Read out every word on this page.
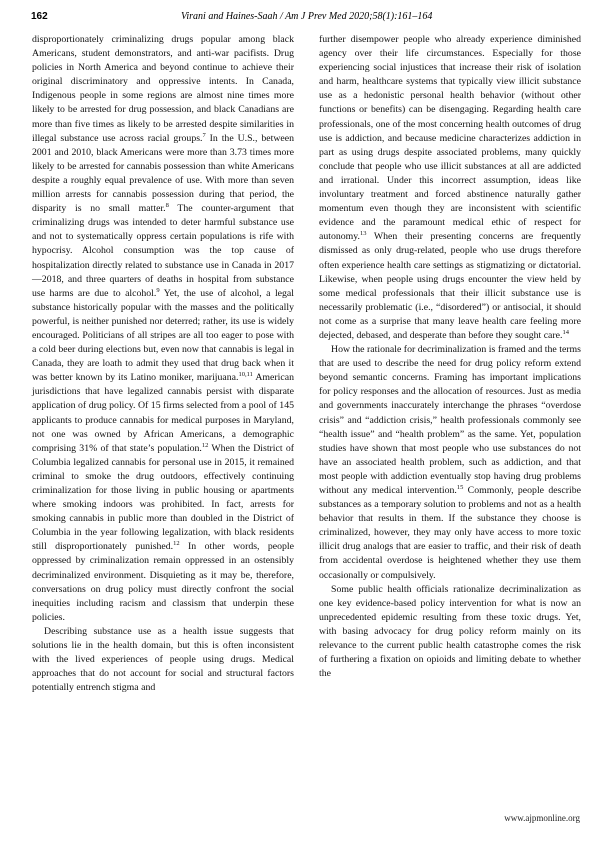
162	Virani and Haines-Saah / Am J Prev Med 2020;58(1):161–164

disproportionately criminalizing drugs popular among black Americans, student demonstrators, and anti-war pacifists. Drug policies in North America and beyond continue to achieve their original discriminatory and oppressive intents. In Canada, Indigenous people in some regions are almost nine times more likely to be arrested for drug possession, and black Canadians are more than five times as likely to be arrested despite similarities in illegal substance use across racial groups.$^7$ In the U.S., between 2001 and 2010, black Americans were more than 3.73 times more likely to be arrested for cannabis possession than white Americans despite a roughly equal prevalence of use. With more than seven million arrests for cannabis possession during that period, the disparity is no small matter.$^8$ The counter-argument that criminalizing drugs was intended to deter harmful substance use and not to systematically oppress certain populations is rife with hypocrisy. Alcohol consumption was the top cause of hospitalization directly related to substance use in Canada in 2017—2018, and three quarters of deaths in hospital from substance use harms are due to alcohol.$^9$ Yet, the use of alcohol, a legal substance historically popular with the masses and the politically powerful, is neither punished nor deterred; rather, its use is widely encouraged. Politicians of all stripes are all too eager to pose with a cold beer during elections but, even now that cannabis is legal in Canada, they are loath to admit they used that drug back when it was better known by its Latino moniker, marijuana.$^{10,11}$ American jurisdictions that have legalized cannabis persist with disparate application of drug policy. Of 15 firms selected from a pool of 145 applicants to produce cannabis for medical purposes in Maryland, not one was owned by African Americans, a demographic comprising 31% of that state’s population.$^{12}$ When the District of Columbia legalized cannabis for personal use in 2015, it remained criminal to smoke the drug outdoors, effectively continuing criminalization for those living in public housing or apartments where smoking indoors was prohibited. In fact, arrests for smoking cannabis in public more than doubled in the District of Columbia in the year following legalization, with black residents still disproportionately punished.$^{12}$ In other words, people oppressed by criminalization remain oppressed in an ostensibly decriminalized environment. Disquieting as it may be, therefore, conversations on drug policy must directly confront the social inequities including racism and classism that underpin these policies.

Describing substance use as a health issue suggests that solutions lie in the health domain, but this is often inconsistent with the lived experiences of people using drugs. Medical approaches that do not account for social and structural factors potentially entrench stigma and

further disempower people who already experience diminished agency over their life circumstances. Especially for those experiencing social injustices that increase their risk of isolation and harm, healthcare systems that typically view illicit substance use as a hedonistic personal health behavior (without other functions or benefits) can be disengaging. Regarding health care professionals, one of the most concerning health outcomes of drug use is addiction, and because medicine characterizes addiction in part as using drugs despite associated problems, many quickly conclude that people who use illicit substances at all are addicted and irrational. Under this incorrect assumption, ideas like involuntary treatment and forced abstinence naturally gather momentum even though they are inconsistent with scientific evidence and the paramount medical ethic of respect for autonomy.$^{13}$ When their presenting concerns are frequently dismissed as only drug-related, people who use drugs therefore often experience health care settings as stigmatizing or dictatorial. Likewise, when people using drugs encounter the view held by some medical professionals that their illicit substance use is necessarily problematic (i.e., “disordered”) or antisocial, it should not come as a surprise that many leave health care feeling more dejected, debased, and desperate than before they sought care.$^{14}$

How the rationale for decriminalization is framed and the terms that are used to describe the need for drug policy reform extend beyond semantic concerns. Framing has important implications for policy responses and the allocation of resources. Just as media and governments inaccurately interchange the phrases “overdose crisis” and “addiction crisis,” health professionals commonly see “health issue” and “health problem” as the same. Yet, population studies have shown that most people who use substances do not have an associated health problem, such as addiction, and that most people with addiction eventually stop having drug problems without any medical intervention.$^{15}$ Commonly, people describe substances as a temporary solution to problems and not as a health behavior that results in them. If the substance they choose is criminalized, however, they may only have access to more toxic illicit drug analogs that are easier to traffic, and their risk of death from accidental overdose is heightened whether they use them occasionally or compulsively.

Some public health officials rationalize decriminalization as one key evidence-based policy intervention for what is now an unprecedented epidemic resulting from these toxic drugs. Yet, with basing advocacy for drug policy reform mainly on its relevance to the current public health catastrophe comes the risk of furthering a fixation on opioids and limiting debate to whether the

www.ajpmonline.org
